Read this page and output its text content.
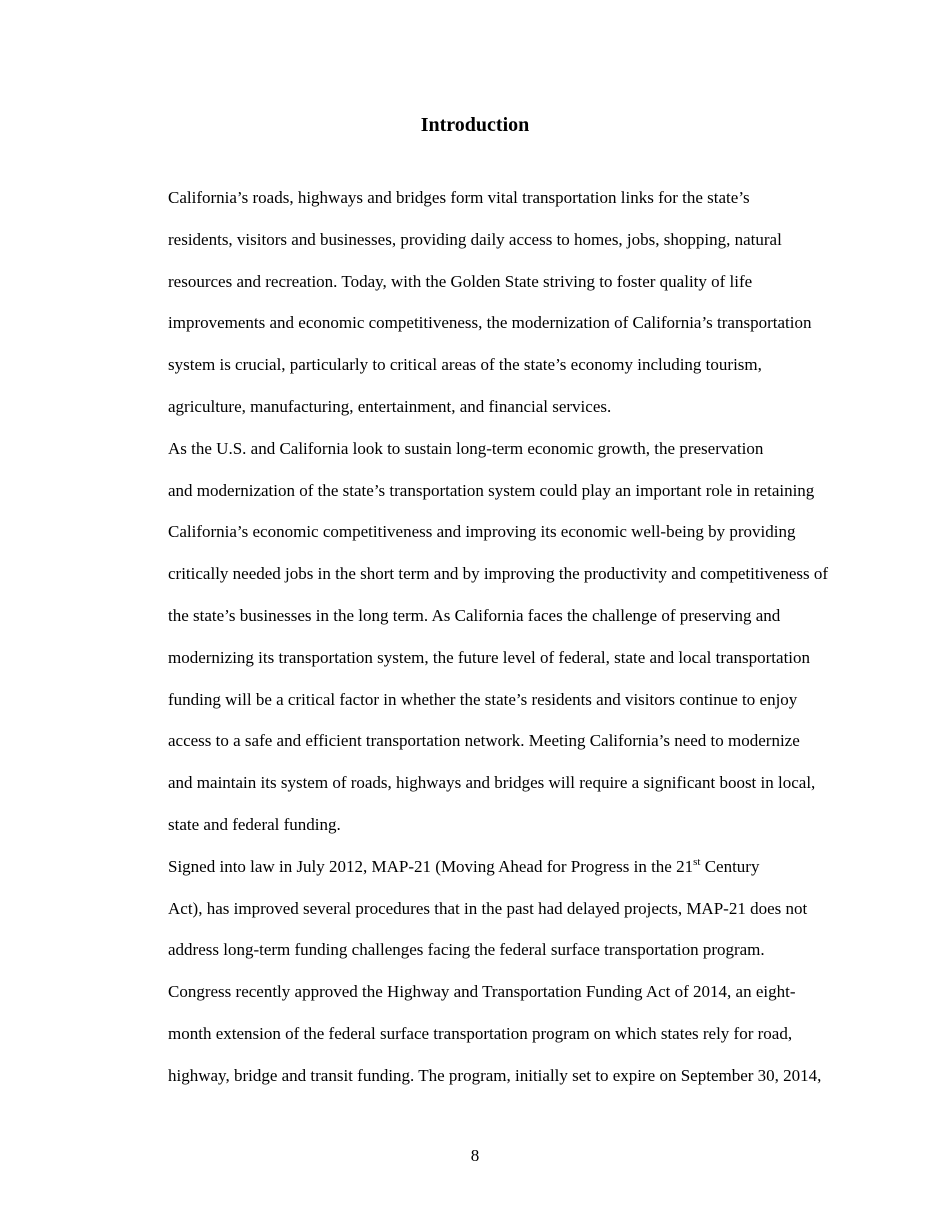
Introduction

California’s roads, highways and bridges form vital transportation links for the state’s
residents, visitors and businesses, providing daily access to homes, jobs, shopping, natural
resources and recreation. Today, with the Golden State striving to foster quality of life
improvements and economic competitiveness, the modernization of California’s transportation
system is crucial, particularly to critical areas of the state’s economy including tourism,
agriculture, manufacturing, entertainment, and financial services.

As the U.S. and California look to sustain long-term economic growth, the preservation
and modernization of the state’s transportation system could play an important role in retaining
California’s economic competitiveness and improving its economic well-being by providing
critically needed jobs in the short term and by improving the productivity and competitiveness of
the state’s businesses in the long term. As California faces the challenge of preserving and
modernizing its transportation system, the future level of federal, state and local transportation
funding will be a critical factor in whether the state’s residents and visitors continue to enjoy
access to a safe and efficient transportation network. Meeting California’s need to modernize
and maintain its system of roads, highways and bridges will require a significant boost in local,
state and federal funding.

Signed into law in July 2012, MAP-21 (Moving Ahead for Progress in the 21st Century
Act), has improved several procedures that in the past had delayed projects, MAP-21 does not
address long-term funding challenges facing the federal surface transportation program.
Congress recently approved the Highway and Transportation Funding Act of 2014, an eight-
month extension of the federal surface transportation program on which states rely for road,
highway, bridge and transit funding. The program, initially set to expire on September 30, 2014,

8
